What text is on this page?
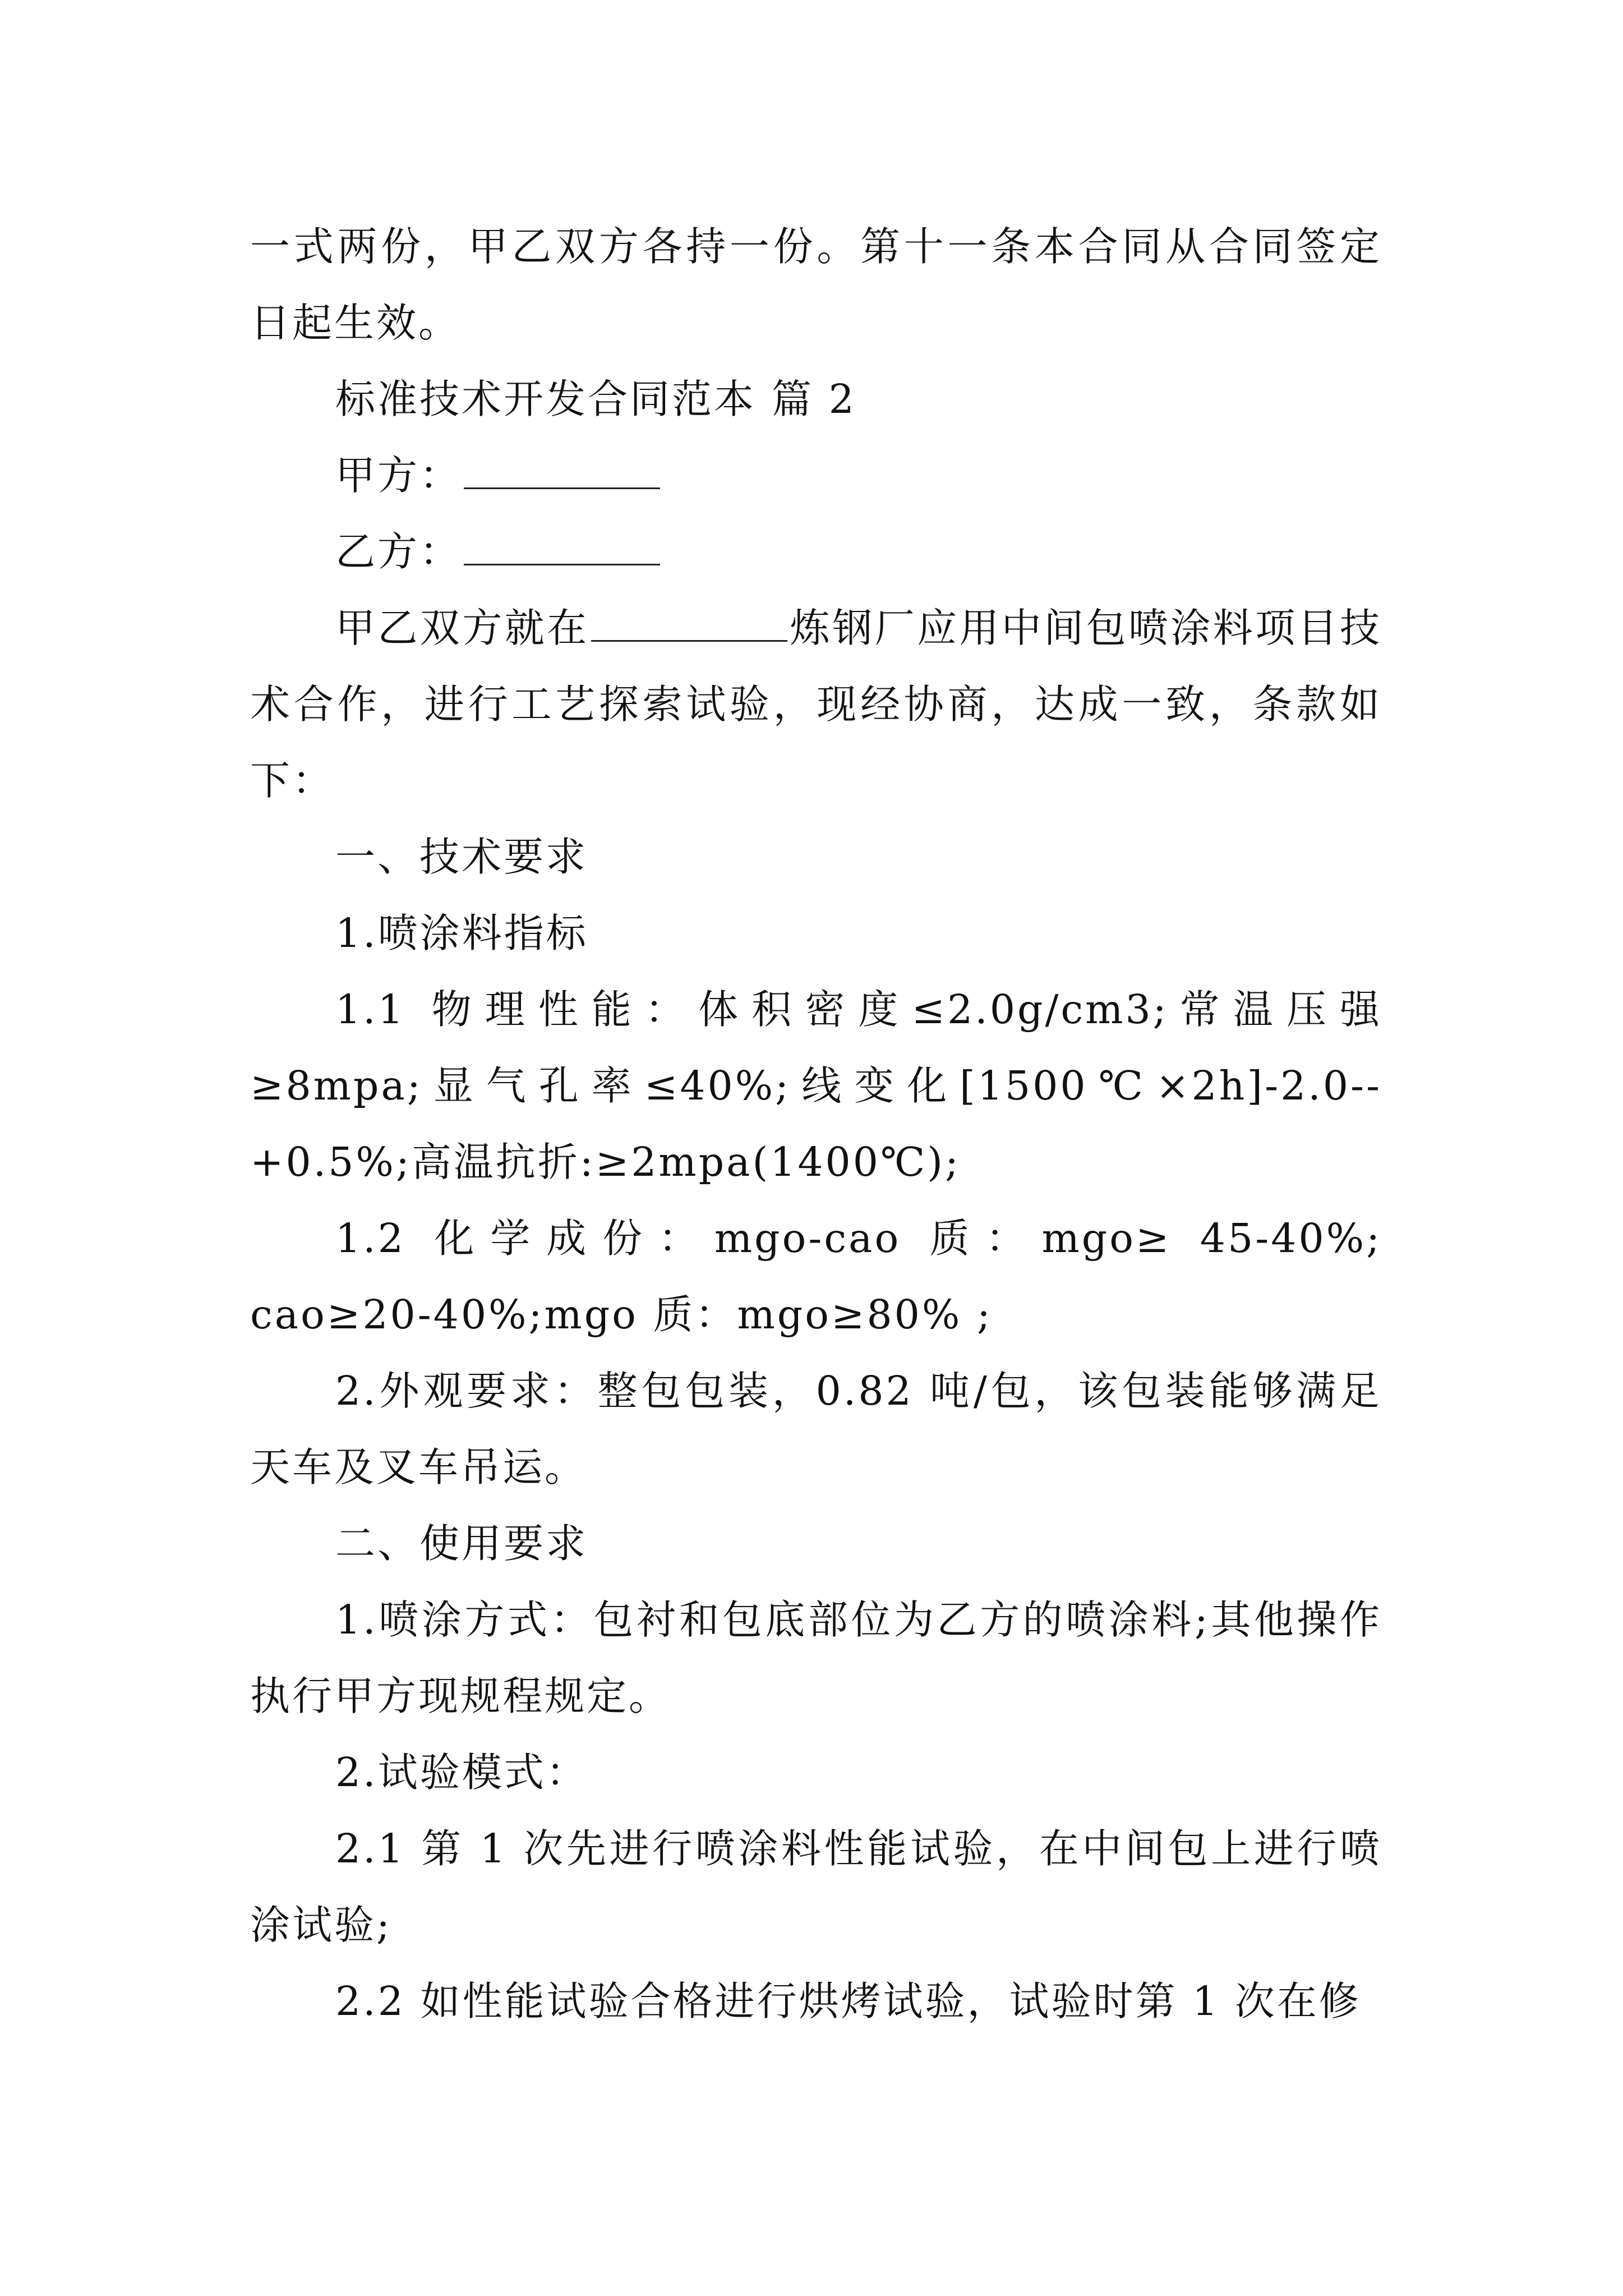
一式两份，甲乙双方各持一份。第十一条本合同从合同签定日起生效。

标准技术开发合同范本 篇 2

甲方：

乙方：

甲乙双方就在	炼钢厂应用中间包喷涂料项目技术合作，进行工艺探索试验，现经协商，达成一致，条款如下：

一、技术要求

1.喷涂料指标

1.1 物理性能：体积密度≤2.0g/cm3;常温压强≥8mpa;显气孔率≤40%;线变化[1500℃×2h]-2.0--+0.5%;高温抗折:≥2mpa(1400℃);

1.2 化学成份：mgo-cao 质：mgo≥ 45-40%; cao≥20-40%;mgo 质：mgo≥80% ;

2.外观要求：整包包装，0.82 吨/包，该包装能够满足天车及叉车吊运。

二、使用要求

1.喷涂方式：包衬和包底部位为乙方的喷涂料;其他操作执行甲方现规程规定。

2.试验模式：

2.1 第 1 次先进行喷涂料性能试验，在中间包上进行喷涂试验;

2.2 如性能试验合格进行烘烤试验，试验时第 1 次在修
